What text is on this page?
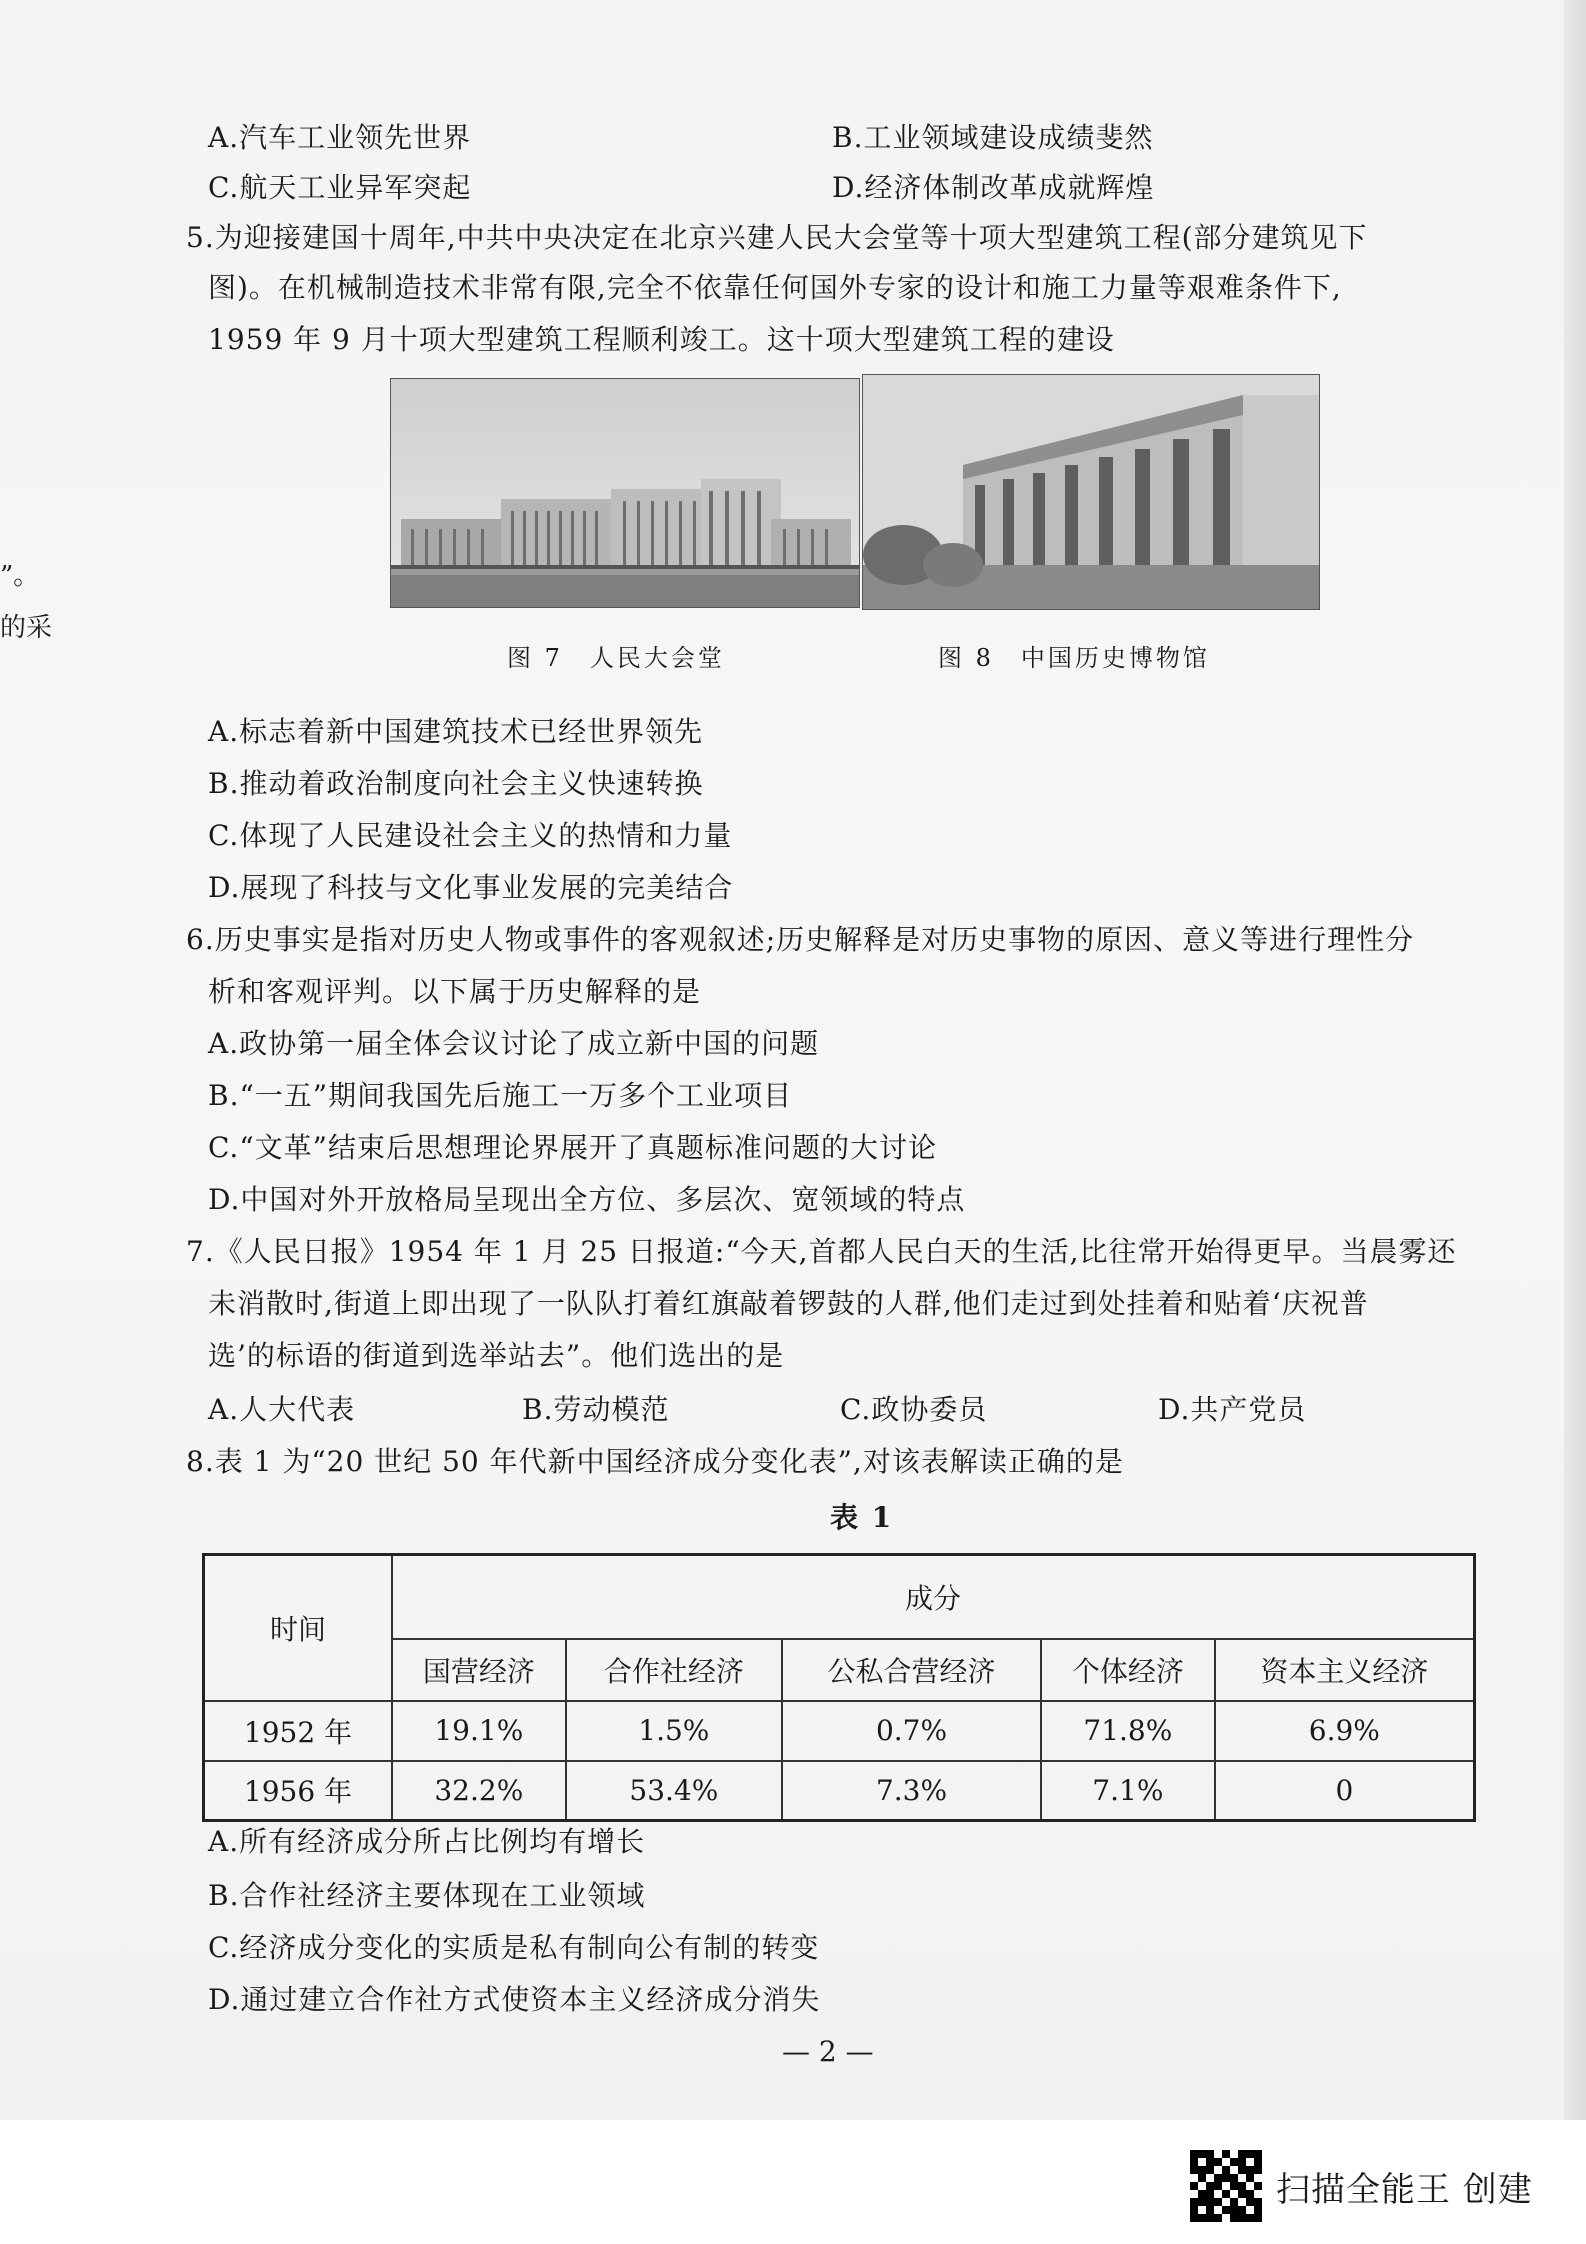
”。
的采
A.汽车工业领先世界	B.工业领域建设成绩斐然
C.航天工业异军突起	D.经济体制改革成就辉煌
5.为迎接建国十周年,中共中央决定在北京兴建人民大会堂等十项大型建筑工程(部分建筑见下
图)。在机械制造技术非常有限,完全不依靠任何国外专家的设计和施工力量等艰难条件下,
1959 年 9 月十项大型建筑工程顺利竣工。这十项大型建筑工程的建设
图 7　人民大会堂	图 8　中国历史博物馆
A.标志着新中国建筑技术已经世界领先
B.推动着政治制度向社会主义快速转换
C.体现了人民建设社会主义的热情和力量
D.展现了科技与文化事业发展的完美结合
6.历史事实是指对历史人物或事件的客观叙述;历史解释是对历史事物的原因、意义等进行理性分
析和客观评判。以下属于历史解释的是
A.政协第一届全体会议讨论了成立新中国的问题
B.“一五”期间我国先后施工一万多个工业项目
C.“文革”结束后思想理论界展开了真题标准问题的大讨论
D.中国对外开放格局呈现出全方位、多层次、宽领域的特点
7.《人民日报》1954 年 1 月 25 日报道:“今天,首都人民白天的生活,比往常开始得更早。当晨雾还
未消散时,街道上即出现了一队队打着红旗敲着锣鼓的人群,他们走过到处挂着和贴着‘庆祝普
选’的标语的街道到选举站去”。他们选出的是
A.人大代表	B.劳动模范	C.政协委员	D.共产党员
8.表 1 为“20 世纪 50 年代新中国经济成分变化表”,对该表解读正确的是
表 1
时间	成分				
	国营经济	合作社经济	公私合营经济	个体经济	资本主义经济
1952 年	19.1%	1.5%	0.7%	71.8%	6.9%
1956 年	32.2%	53.4%	7.3%	7.1%	0
A.所有经济成分所占比例均有增长
B.合作社经济主要体现在工业领域
C.经济成分变化的实质是私有制向公有制的转变
D.通过建立合作社方式使资本主义经济成分消失
— 2 —
扫描全能王 创建
